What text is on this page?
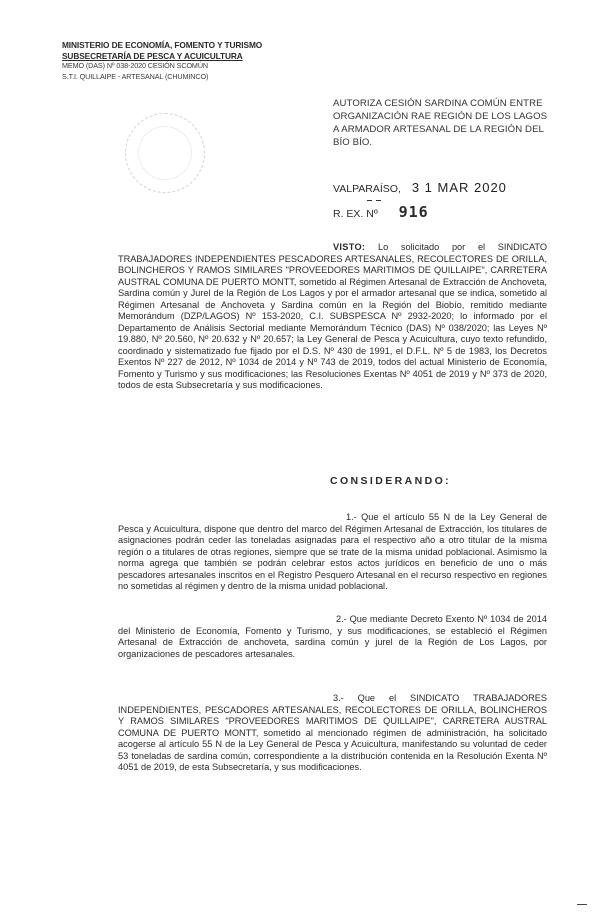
MINISTERIO DE ECONOMÍA, FOMENTO Y TURISMO
SUBSECRETARÍA DE PESCA Y ACUICULTURA
MEMO (DAS) Nº 038-2020 CESIÓN SCOMÚN
S.T.I. QUILLAIPE - ARTESANAL (CHUMINCO)
AUTORIZA CESIÓN SARDINA COMÚN ENTRE ORGANIZACIÓN RAE REGIÓN DE LOS LAGOS A ARMADOR ARTESANAL DE LA REGIÓN DEL BÍO BÍO.
VALPARAÍSO, 3 1 MAR 2020
R. EX. Nº 916
VISTO: Lo solicitado por el SINDICATO TRABAJADORES INDEPENDIENTES PESCADORES ARTESANALES, RECOLECTORES DE ORILLA, BOLINCHEROS Y RAMOS SIMILARES "PROVEEDORES MARITIMOS DE QUILLAIPE", CARRETERA AUSTRAL COMUNA DE PUERTO MONTT, sometido al Régimen Artesanal de Extracción de Anchoveta, Sardina común y Jurel de la Región de Los Lagos y por el armador artesanal que se indica, sometido al Régimen Artesanal de Anchoveta y Sardina común en la Región del Biobío, remitido mediante Memorándum (DZP/LAGOS) Nº 153-2020, C.I. SUBSPESCA Nº 2932-2020; lo informado por el Departamento de Análisis Sectorial mediante Memorándum Técnico (DAS) Nº 038/2020; las Leyes Nº 19.880, Nº 20.560, Nº 20.632 y Nº 20.657; la Ley General de Pesca y Acuicultura, cuyo texto refundido, coordinado y sistematizado fue fijado por el D.S. Nº 430 de 1991, el D.F.L. Nº 5 de 1983, los Decretos Exentos Nº 227 de 2012, Nº 1034 de 2014 y Nº 743 de 2019, todos del actual Ministerio de Economía, Fomento y Turismo y sus modificaciones; las Resoluciones Exentas Nº 4051 de 2019 y Nº 373 de 2020, todos de esta Subsecretaría y sus modificaciones.
CONSIDERANDO:
1.- Que el artículo 55 N de la Ley General de Pesca y Acuicultura, dispone que dentro del marco del Régimen Artesanal de Extracción, los titulares de asignaciones podrán ceder las toneladas asignadas para el respectivo año a otro titular de la misma región o a titulares de otras regiones, siempre que se trate de la misma unidad poblacional. Asimismo la norma agrega que también se podrán celebrar estos actos jurídicos en beneficio de uno o más pescadores artesanales inscritos en el Registro Pesquero Artesanal en el recurso respectivo en regiones no sometidas al régimen y dentro de la misma unidad poblacional.
2.- Que mediante Decreto Exento Nº 1034 de 2014 del Ministerio de Economía, Fomento y Turismo, y sus modificaciones, se estableció el Régimen Artesanal de Extracción de anchoveta, sardina común y jurel de la Región de Los Lagos, por organizaciones de pescadores artesanales.
3.- Que el SINDICATO TRABAJADORES INDEPENDIENTES, PESCADORES ARTESANALES, RECOLECTORES DE ORILLA, BOLINCHEROS Y RAMOS SIMILARES "PROVEEDORES MARITIMOS DE QUILLAIPE", CARRETERA AUSTRAL COMUNA DE PUERTO MONTT, sometido al mencionado régimen de administración, ha solicitado acogerse al artículo 55 N de la Ley General de Pesca y Acuicultura, manifestando su voluntad de ceder 53 toneladas de sardina común, correspondiente a la distribución contenida en la Resolución Exenta Nº 4051 de 2019, de esta Subsecretaría, y sus modificaciones.
